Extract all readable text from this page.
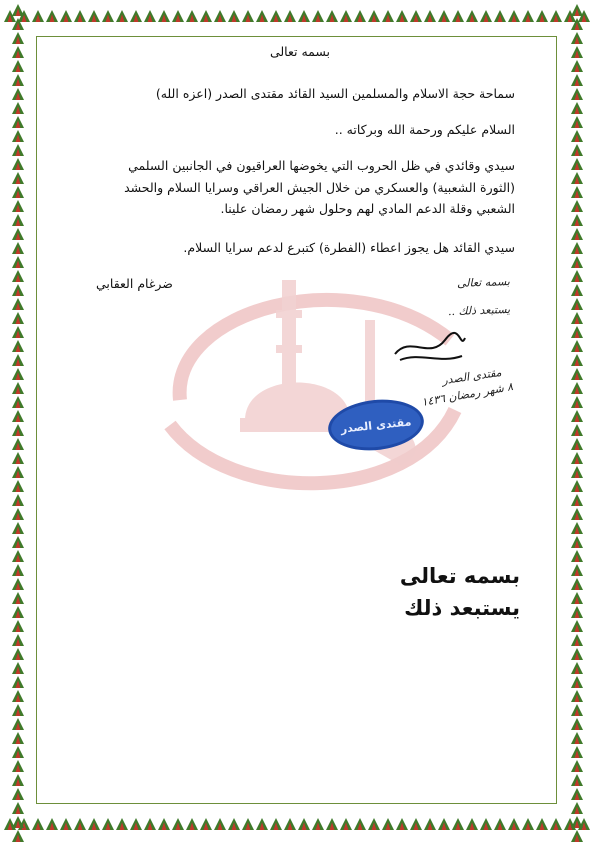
بسمه تعالى
سماحة حجة الاسلام والمسلمين السيد القائد مقتدى الصدر (اعزه الله)
السلام عليكم ورحمة الله وبركاته ..
سيدي وقائدي في ظل الحروب التي يخوضها العراقيون في الجانبين السلمي
(الثورة الشعبية) والعسكري من خلال الجيش العراقي وسرايا السلام والحشد
الشعبي وقلة الدعم المادي لهم وحلول شهر رمضان علينا.
سيدي القائد هل يجوز اعطاء (الفطرة) كتبرع لدعم سرايا السلام.
ضرغام العقابي	بسمه تعالى
يستبعد ذلك ..
مقتدى الصدر
٨ شهر رمضان ١٤٣٦
مقتدى الصدر
بسمه تعالى
يستبعد ذلك
